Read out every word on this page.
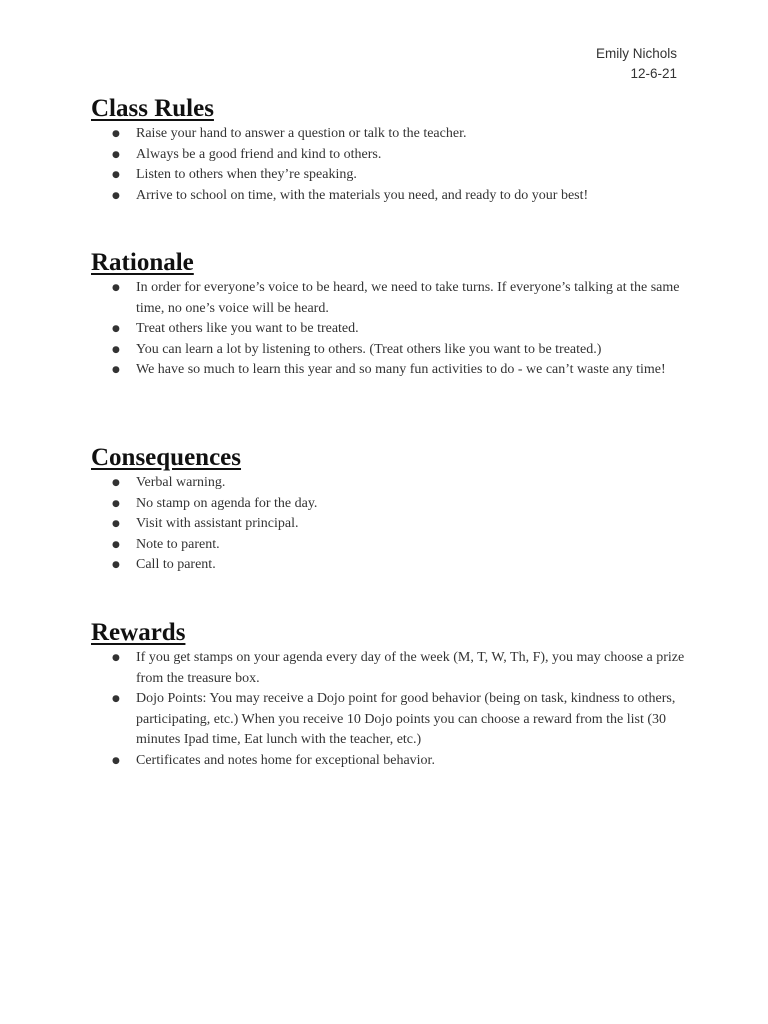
Emily Nichols
12-6-21
Class Rules
● Raise your hand to answer a question or talk to the teacher.
● Always be a good friend and kind to others.
● Listen to others when they’re speaking.
● Arrive to school on time, with the materials you need, and ready to do your best!
Rationale
● In order for everyone’s voice to be heard, we need to take turns. If everyone’s talking at the same time, no one’s voice will be heard.
● Treat others like you want to be treated.
● You can learn a lot by listening to others. (Treat others like you want to be treated.)
● We have so much to learn this year and so many fun activities to do - we can’t waste any time!
Consequences
● Verbal warning.
● No stamp on agenda for the day.
● Visit with assistant principal.
● Note to parent.
● Call to parent.
Rewards
● If you get stamps on your agenda every day of the week (M, T, W, Th, F), you may choose a prize from the treasure box.
● Dojo Points: You may receive a Dojo point for good behavior (being on task, kindness to others, participating, etc.) When you receive 10 Dojo points you can choose a reward from the list (30 minutes Ipad time, Eat lunch with the teacher, etc.)
● Certificates and notes home for exceptional behavior.
